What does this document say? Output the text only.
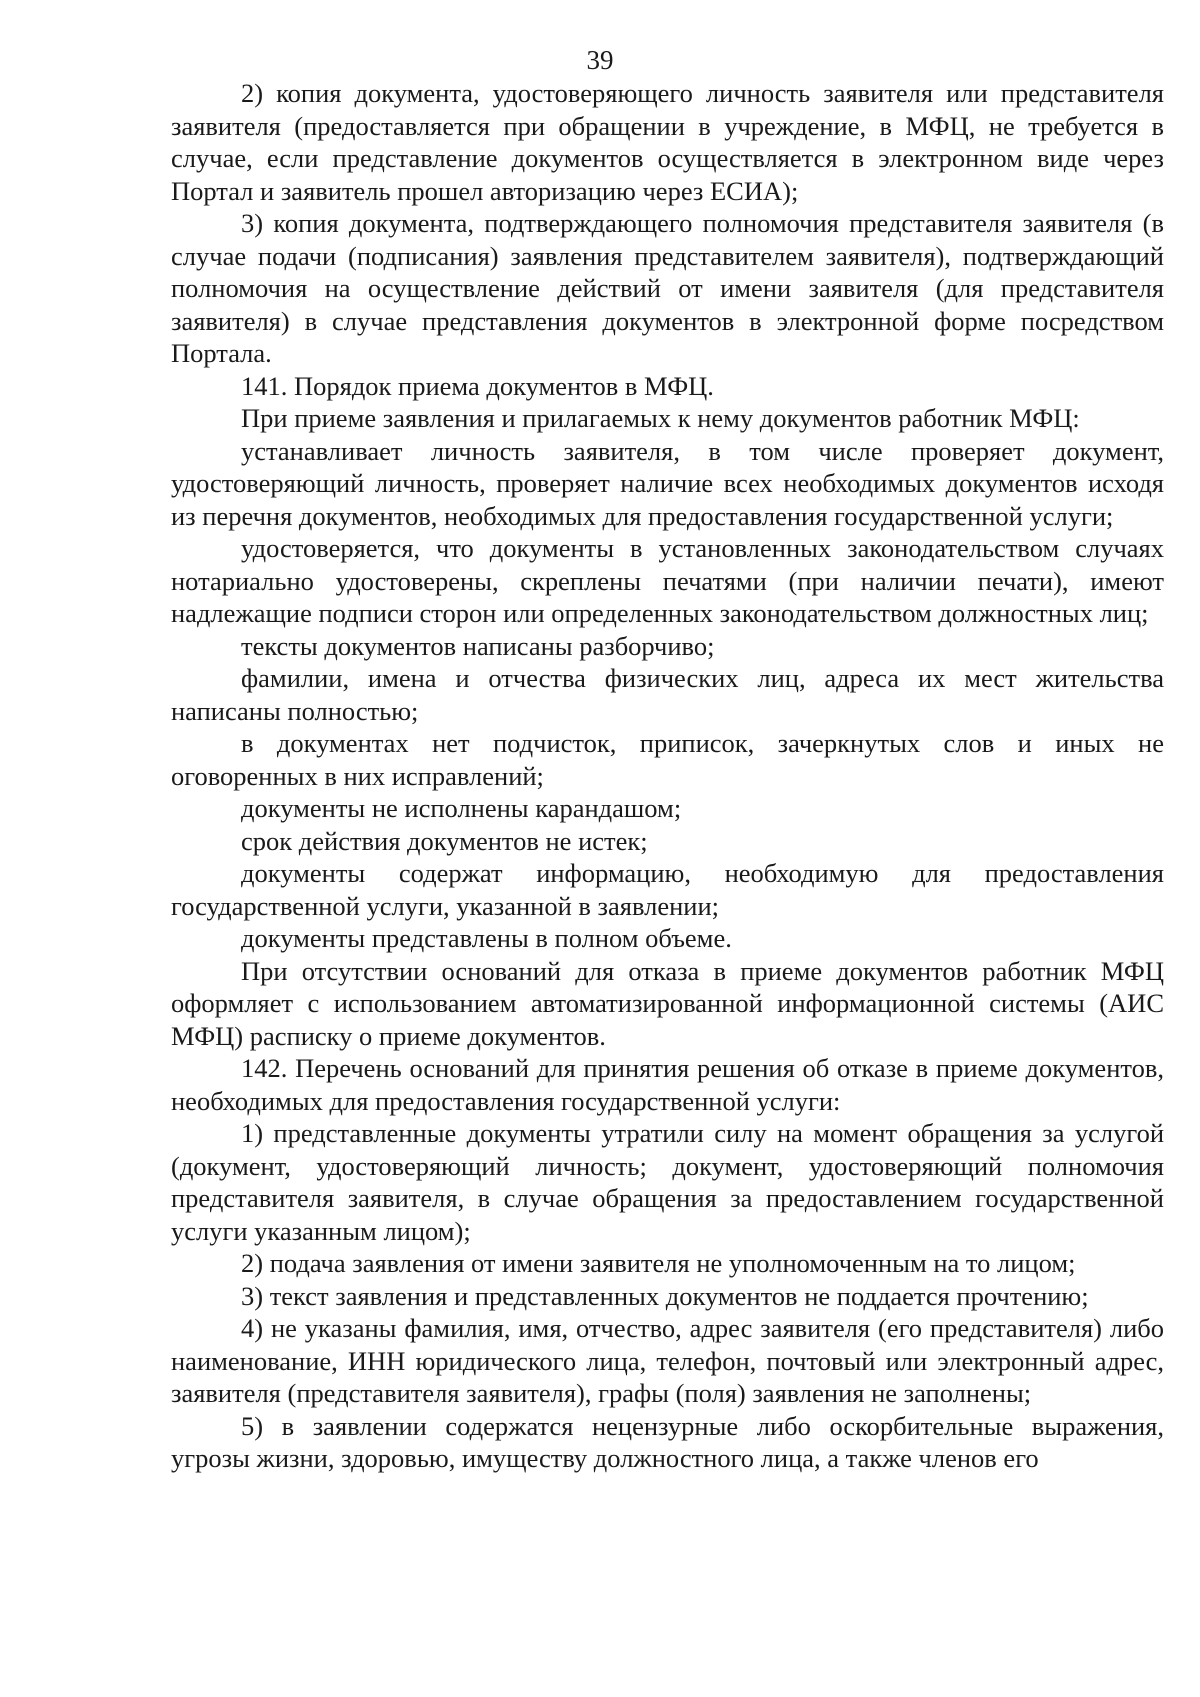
39

2) копия документа, удостоверяющего личность заявителя или представителя заявителя (предоставляется при обращении в учреждение, в МФЦ, не требуется в случае, если представление документов осуществляется в электронном виде через Портал и заявитель прошел авторизацию через ЕСИА);

3) копия документа, подтверждающего полномочия представителя заявителя (в случае подачи (подписания) заявления представителем заявителя), подтверждающий полномочия на осуществление действий от имени заявителя (для представителя заявителя) в случае представления документов в электронной форме посредством Портала.

141. Порядок приема документов в МФЦ.

При приеме заявления и прилагаемых к нему документов работник МФЦ:

устанавливает личность заявителя, в том числе проверяет документ, удостоверяющий личность, проверяет наличие всех необходимых документов исходя из перечня документов, необходимых для предоставления государственной услуги;

удостоверяется, что документы в установленных законодательством случаях нотариально удостоверены, скреплены печатями (при наличии печати), имеют надлежащие подписи сторон или определенных законодательством должностных лиц;

тексты документов написаны разборчиво;

фамилии, имена и отчества физических лиц, адреса их мест жительства написаны полностью;

в документах нет подчисток, приписок, зачеркнутых слов и иных не оговоренных в них исправлений;

документы не исполнены карандашом;

срок действия документов не истек;

документы содержат информацию, необходимую для предоставления государственной услуги, указанной в заявлении;

документы представлены в полном объеме.

При отсутствии оснований для отказа в приеме документов работник МФЦ оформляет с использованием автоматизированной информационной системы (АИС МФЦ) расписку о приеме документов.

142. Перечень оснований для принятия решения об отказе в приеме документов, необходимых для предоставления государственной услуги:

1) представленные документы утратили силу на момент обращения за услугой (документ, удостоверяющий личность; документ, удостоверяющий полномочия представителя заявителя, в случае обращения за предоставлением государственной услуги указанным лицом);

2) подача заявления от имени заявителя не уполномоченным на то лицом;

3) текст заявления и представленных документов не поддается прочтению;

4) не указаны фамилия, имя, отчество, адрес заявителя (его представителя) либо наименование, ИНН юридического лица, телефон, почтовый или электронный адрес, заявителя (представителя заявителя), графы (поля) заявления не заполнены;

5) в заявлении содержатся нецензурные либо оскорбительные выражения, угрозы жизни, здоровью, имуществу должностного лица, а также членов его
